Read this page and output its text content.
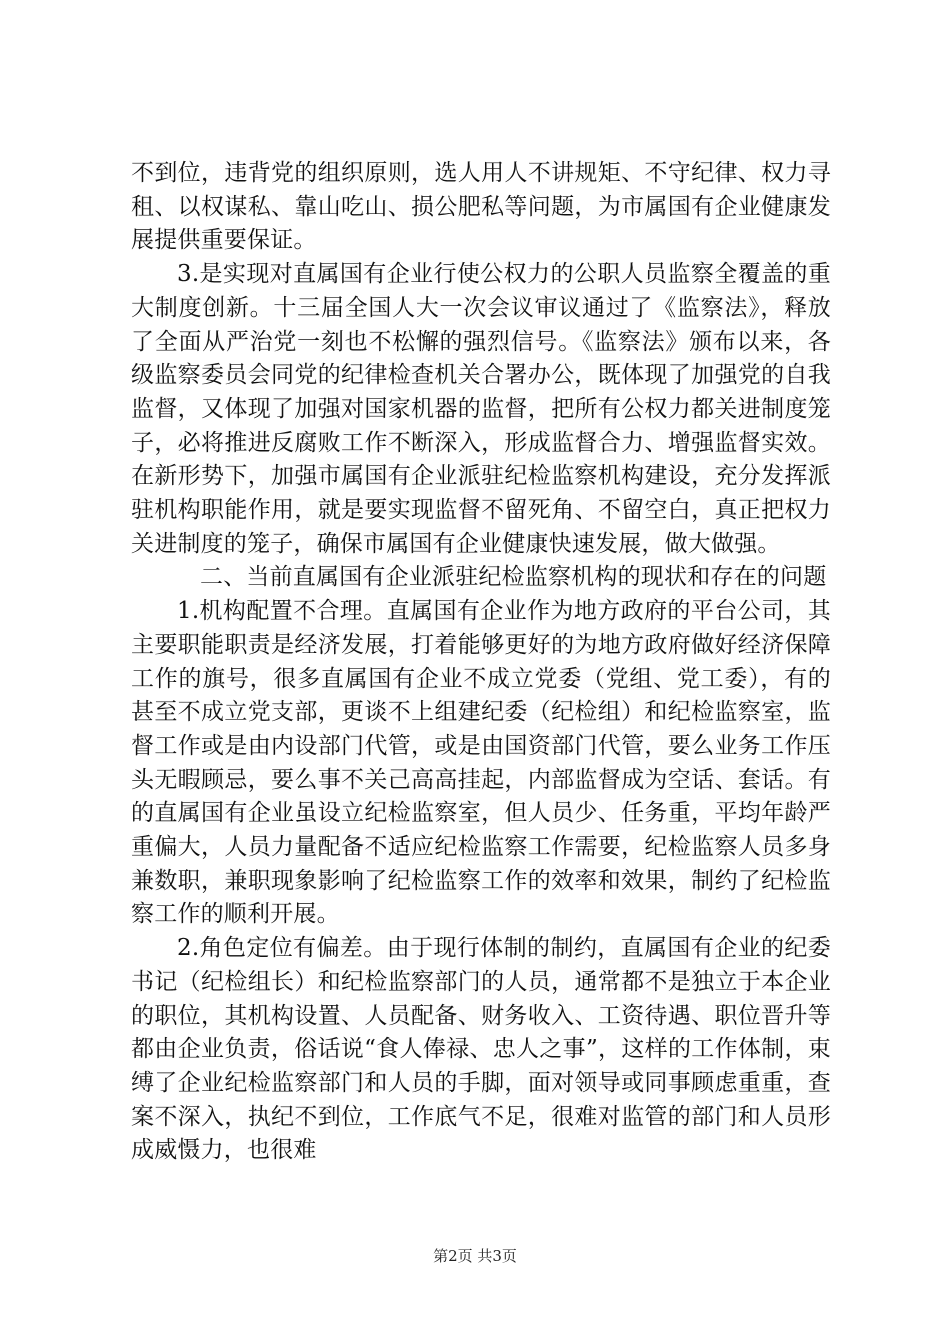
不到位，违背党的组织原则，选人用人不讲规矩、不守纪律、权力寻租、以权谋私、靠山吃山、损公肥私等问题，为市属国有企业健康发展提供重要保证。

3.是实现对直属国有企业行使公权力的公职人员监察全覆盖的重大制度创新。十三届全国人大一次会议审议通过了《监察法》，释放了全面从严治党一刻也不松懈的强烈信号。《监察法》颁布以来，各级监察委员会同党的纪律检查机关合署办公，既体现了加强党的自我监督，又体现了加强对国家机器的监督，把所有公权力都关进制度笼子，必将推进反腐败工作不断深入，形成监督合力、增强监督实效。在新形势下，加强市属国有企业派驻纪检监察机构建设，充分发挥派驻机构职能作用，就是要实现监督不留死角、不留空白，真正把权力关进制度的笼子，确保市属国有企业健康快速发展，做大做强。

二、当前直属国有企业派驻纪检监察机构的现状和存在的问题

1.机构配置不合理。直属国有企业作为地方政府的平台公司，其主要职能职责是经济发展，打着能够更好的为地方政府做好经济保障工作的旗号，很多直属国有企业不成立党委（党组、党工委），有的甚至不成立党支部，更谈不上组建纪委（纪检组）和纪检监察室，监督工作或是由内设部门代管，或是由国资部门代管，要么业务工作压头无暇顾忌，要么事不关己高高挂起，内部监督成为空话、套话。有的直属国有企业虽设立纪检监察室，但人员少、任务重，平均年龄严重偏大，人员力量配备不适应纪检监察工作需要，纪检监察人员多身兼数职，兼职现象影响了纪检监察工作的效率和效果，制约了纪检监察工作的顺利开展。

2.角色定位有偏差。由于现行体制的制约，直属国有企业的纪委书记（纪检组长）和纪检监察部门的人员，通常都不是独立于本企业的职位，其机构设置、人员配备、财务收入、工资待遇、职位晋升等都由企业负责，俗话说“食人俸禄、忠人之事”，这样的工作体制，束缚了企业纪检监察部门和人员的手脚，面对领导或同事顾虑重重，查案不深入，执纪不到位，工作底气不足，很难对监管的部门和人员形成威慑力，也很难

第2页 共3页
